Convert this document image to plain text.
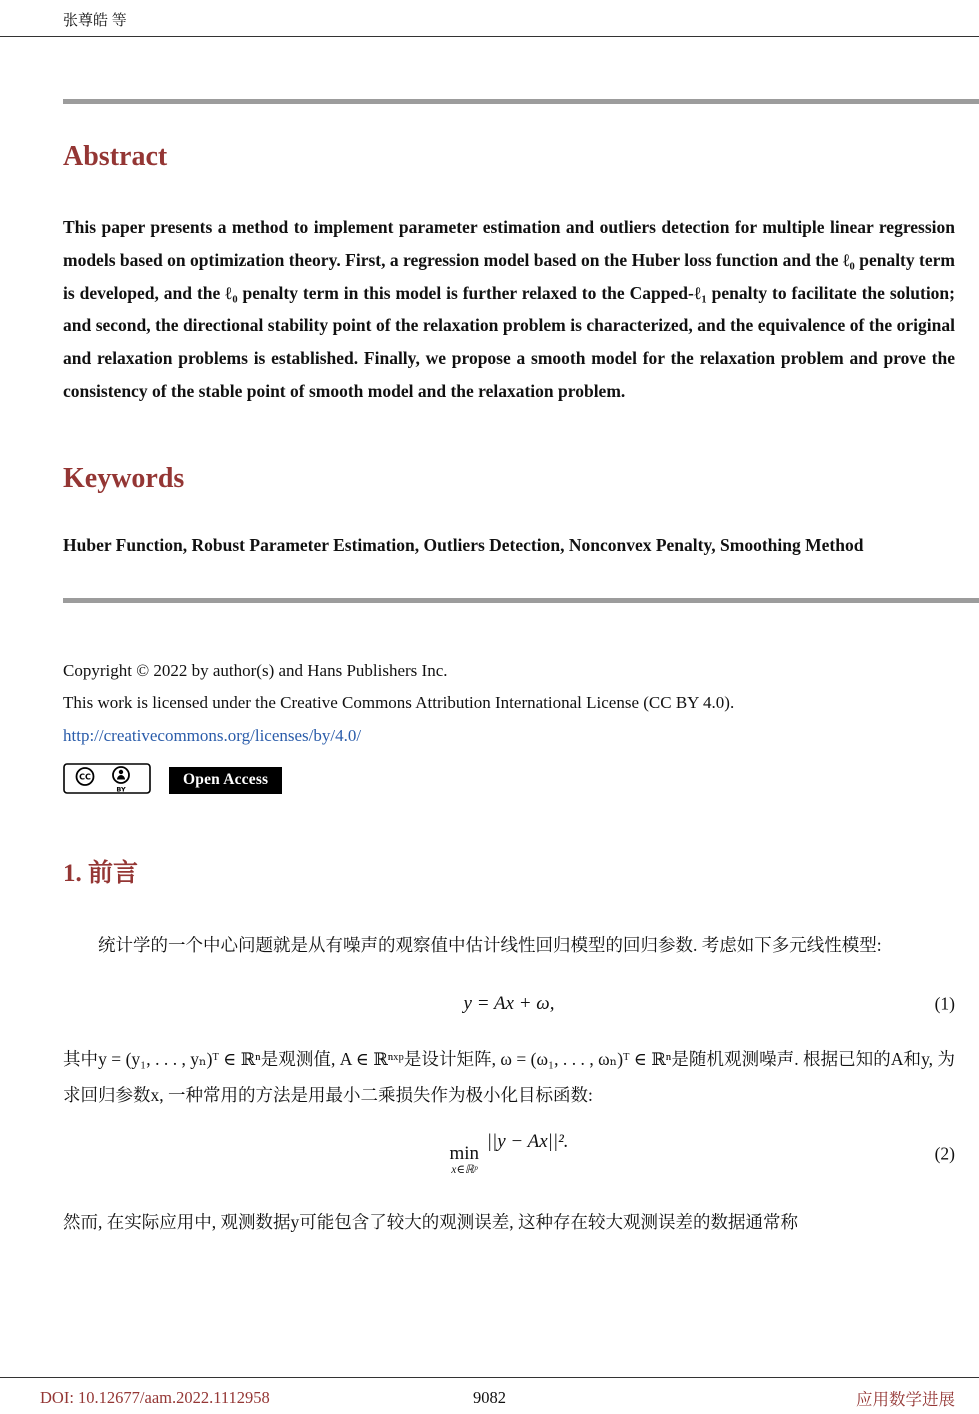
张尊皓 等
Abstract

This paper presents a method to implement parameter estimation and outliers detection for multiple linear regression models based on optimization theory. First, a regression model based on the Huber loss function and the ℓ₀ penalty term is developed, and the ℓ₀ penalty term in this model is further relaxed to the Capped-ℓ₁ penalty to facilitate the solution; and second, the directional stability point of the relaxation problem is characterized, and the equivalence of the original and relaxation problems is established. Finally, we propose a smooth model for the relaxation problem and prove the consistency of the stable point of smooth model and the relaxation problem.

Keywords

Huber Function, Robust Parameter Estimation, Outliers Detection, Nonconvex Penalty, Smoothing Method

Copyright © 2022 by author(s) and Hans Publishers Inc.

This work is licensed under the Creative Commons Attribution International License (CC BY 4.0).

http://creativecommons.org/licenses/by/4.0/

CC
BY
Open Access
1. 前言

统计学的一个中心问题就是从有噪声的观察值中估计线性回归模型的回归参数. 考虑如下多元线性模型:

y = Ax + ω,	(1)

其中y = (y₁, . . . , yₙ)ᵀ ∈ ℝⁿ是观测值, A ∈ ℝⁿˣᵖ是设计矩阵, ω = (ω₁, . . . , ωₙ)ᵀ ∈ ℝⁿ是随机观测噪声. 根据已知的A和y, 为求回归参数x, 一种常用的方法是用最小二乘损失作为极小化目标函数:

min
x∈ℝᵖ
||y − Ax||².
(2)

然而, 在实际应用中, 观测数据y可能包含了较大的观测误差, 这种存在较大观测误差的数据通常称

DOI: 10.12677/aam.2022.1112958	9082	应用数学进展
